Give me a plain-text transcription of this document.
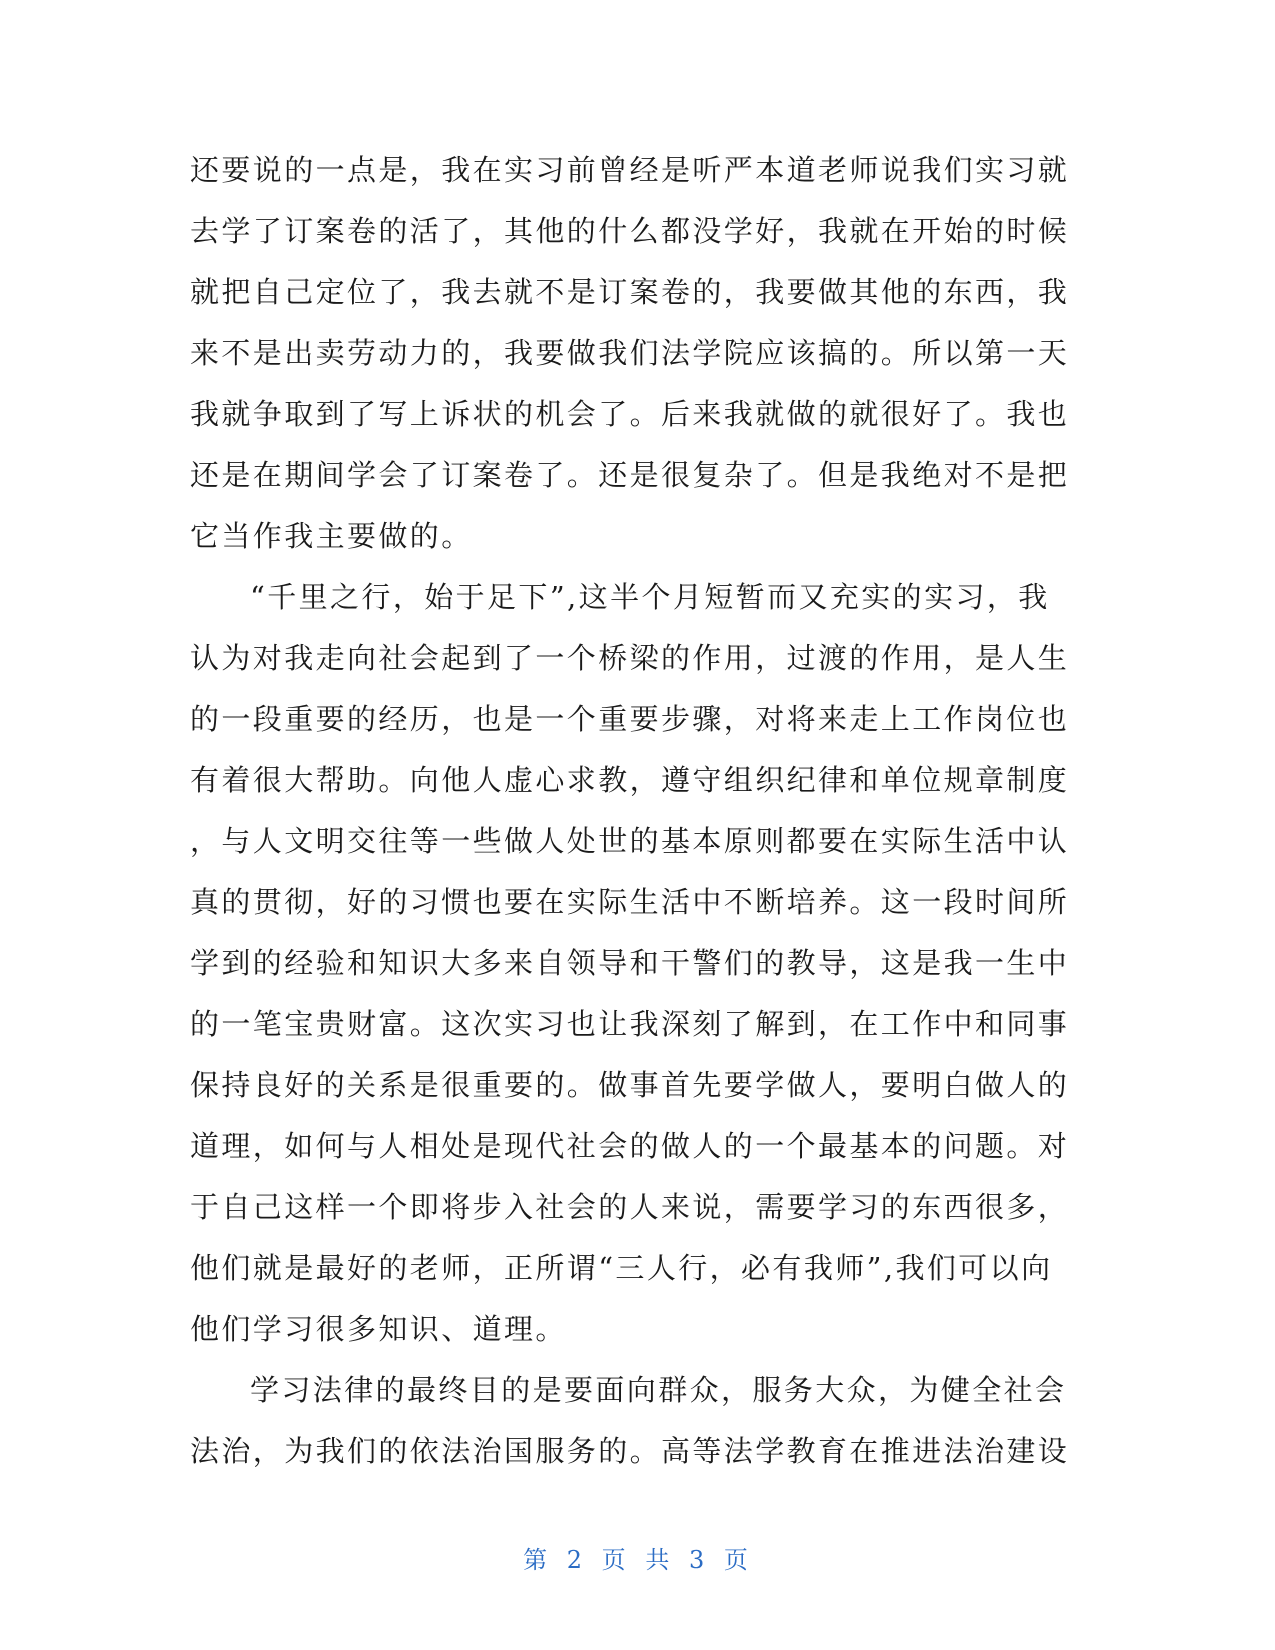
还要说的一点是，我在实习前曾经是听严本道老师说我们实习就
去学了订案卷的活了，其他的什么都没学好，我就在开始的时候
就把自己定位了，我去就不是订案卷的，我要做其他的东西，我
来不是出卖劳动力的，我要做我们法学院应该搞的。所以第一天
我就争取到了写上诉状的机会了。后来我就做的就很好了。我也
还是在期间学会了订案卷了。还是很复杂了。但是我绝对不是把
它当作我主要做的。
“千里之行，始于足下”,这半个月短暂而又充实的实习，我
认为对我走向社会起到了一个桥梁的作用，过渡的作用，是人生
的一段重要的经历，也是一个重要步骤，对将来走上工作岗位也
有着很大帮助。向他人虚心求教，遵守组织纪律和单位规章制度
，与人文明交往等一些做人处世的基本原则都要在实际生活中认
真的贯彻，好的习惯也要在实际生活中不断培养。这一段时间所
学到的经验和知识大多来自领导和干警们的教导，这是我一生中
的一笔宝贵财富。这次实习也让我深刻了解到，在工作中和同事
保持良好的关系是很重要的。做事首先要学做人，要明白做人的
道理，如何与人相处是现代社会的做人的一个最基本的问题。对
于自己这样一个即将步入社会的人来说，需要学习的东西很多，
他们就是最好的老师，正所谓“三人行，必有我师”,我们可以向
他们学习很多知识、道理。
学习法律的最终目的是要面向群众，服务大众，为健全社会
法治，为我们的依法治国服务的。高等法学教育在推进法治建设
第 2 页 共 3 页
